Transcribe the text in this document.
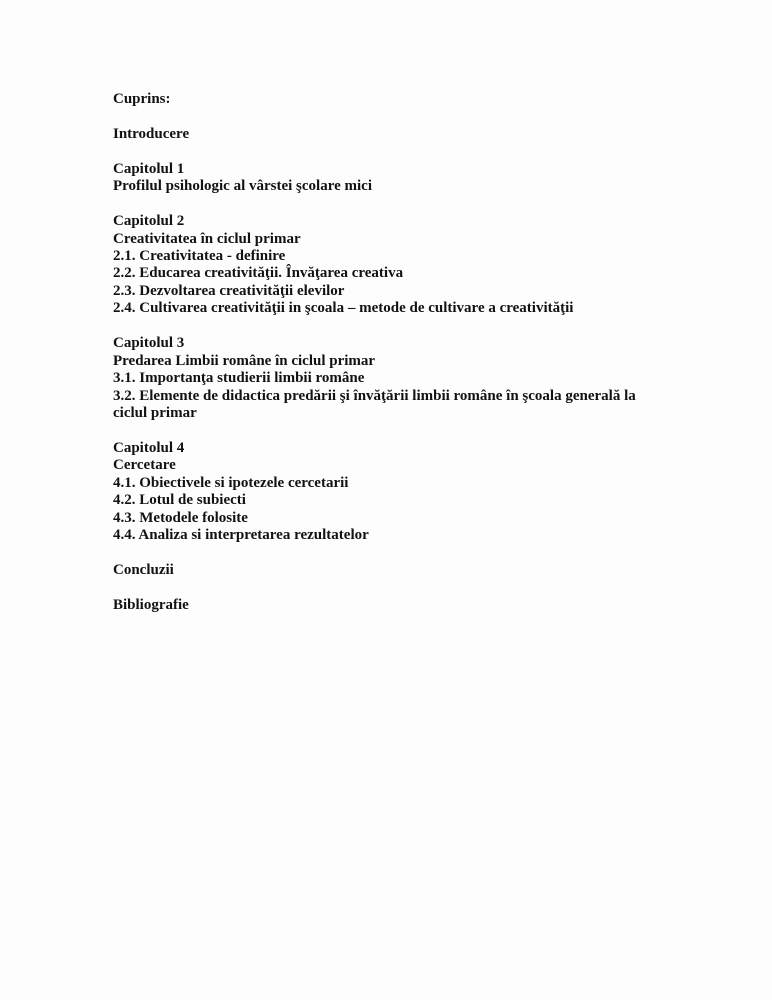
Cuprins:

Introducere

Capitolul 1

Profilul psihologic al vârstei şcolare mici

Capitolul 2

Creativitatea în ciclul primar

2.1. Creativitatea - definire

2.2. Educarea creativităţii. Învăţarea creativa

2.3. Dezvoltarea creativităţii elevilor

2.4. Cultivarea creativităţii in şcoala – metode de cultivare a creativităţii

Capitolul 3

Predarea Limbii române în ciclul primar

3.1. Importanţa studierii limbii române

3.2. Elemente de didactica predării şi învăţării limbii române în şcoala generală la

ciclul primar

Capitolul 4

Cercetare

4.1. Obiectivele si ipotezele cercetarii

4.2. Lotul de subiecti

4.3. Metodele folosite

4.4. Analiza si interpretarea rezultatelor

Concluzii

Bibliografie
